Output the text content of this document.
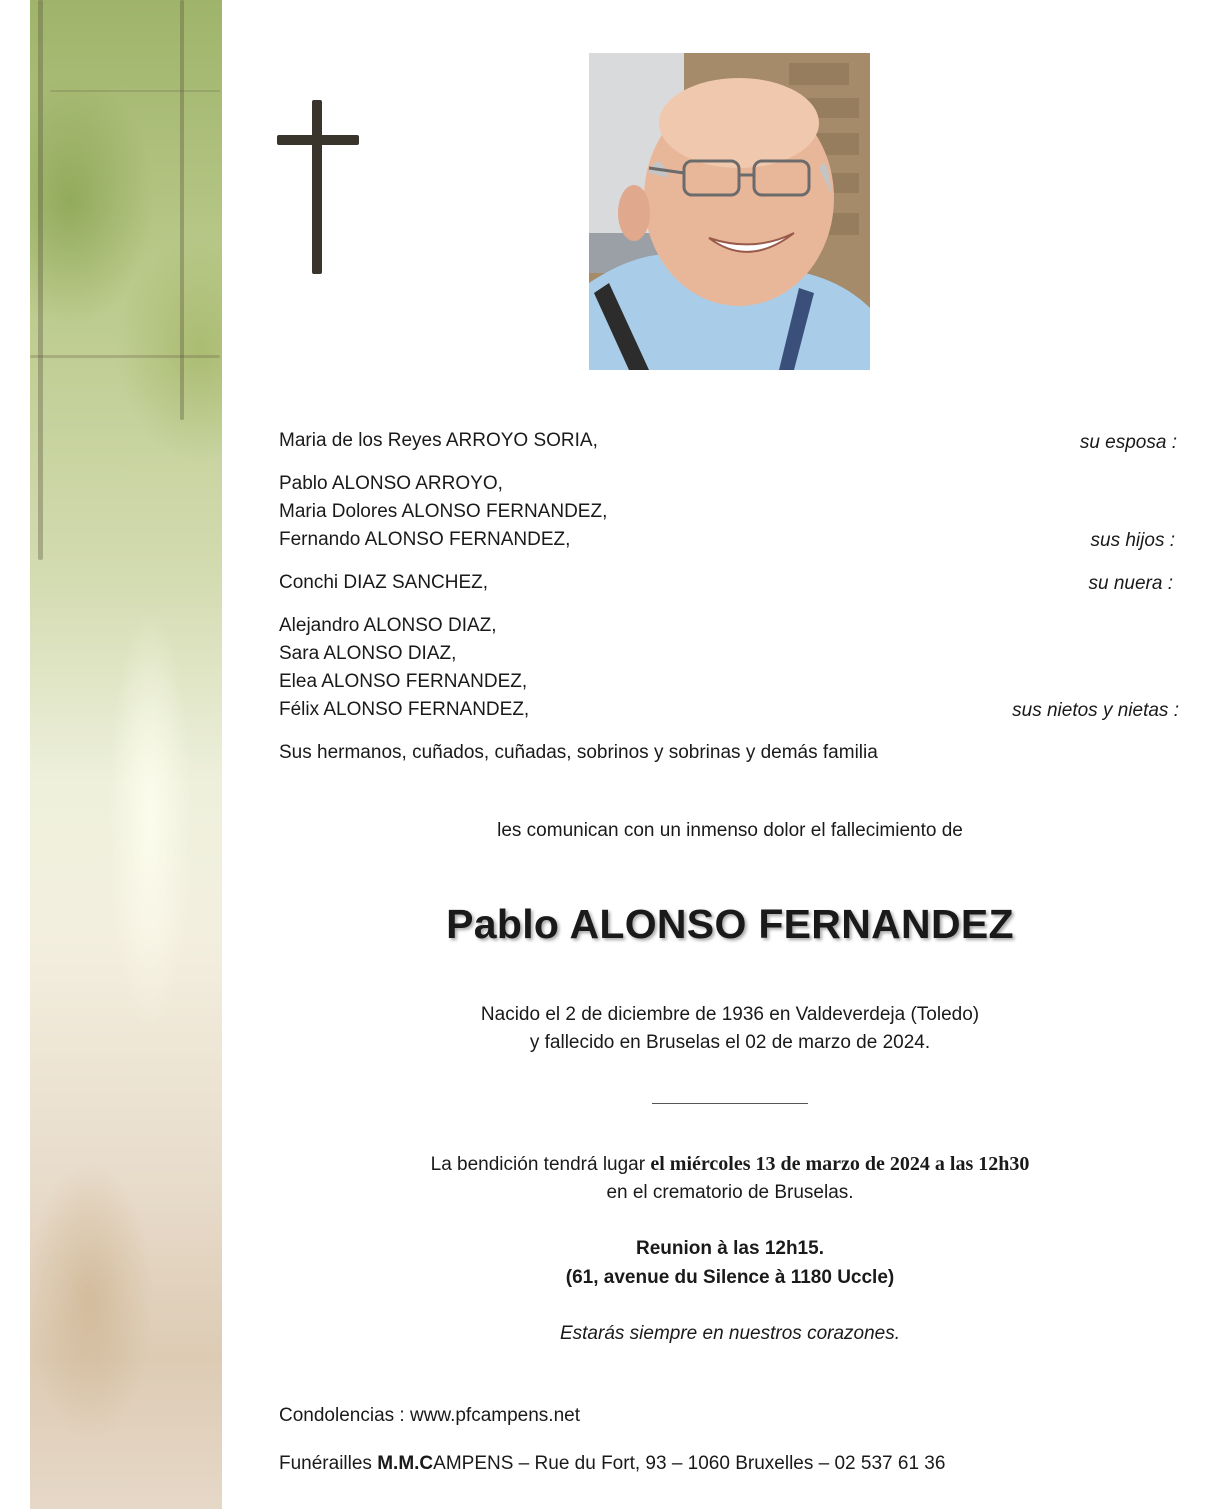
Maria de los Reyes ARROYO SORIA,	su esposa :
Pablo ALONSO ARROYO,
Maria Dolores ALONSO FERNANDEZ,
Fernando ALONSO FERNANDEZ,	sus hijos :
Conchi DIAZ SANCHEZ,	su nuera :
Alejandro ALONSO DIAZ,
Sara ALONSO DIAZ,
Elea ALONSO FERNANDEZ,
Félix ALONSO FERNANDEZ,	sus nietos y nietas :
Sus hermanos, cuñados, cuñadas, sobrinos y sobrinas y demás familia
les comunican con un inmenso dolor el fallecimiento de
Pablo ALONSO FERNANDEZ
Nacido el 2 de diciembre de 1936 en Valdeverdeja (Toledo)
y fallecido en Bruselas el 02 de marzo de 2024.
La bendición tendrá lugar el miércoles 13 de marzo de 2024 a las 12h30
en el crematorio de Bruselas.
Reunion à las 12h15.
(61, avenue du Silence à 1180 Uccle)
Estarás siempre en nuestros corazones.
Condolencias : www.pfcampens.net
Funérailles M.M.CAMPENS – Rue du Fort, 93 – 1060 Bruxelles – 02 537 61 36
